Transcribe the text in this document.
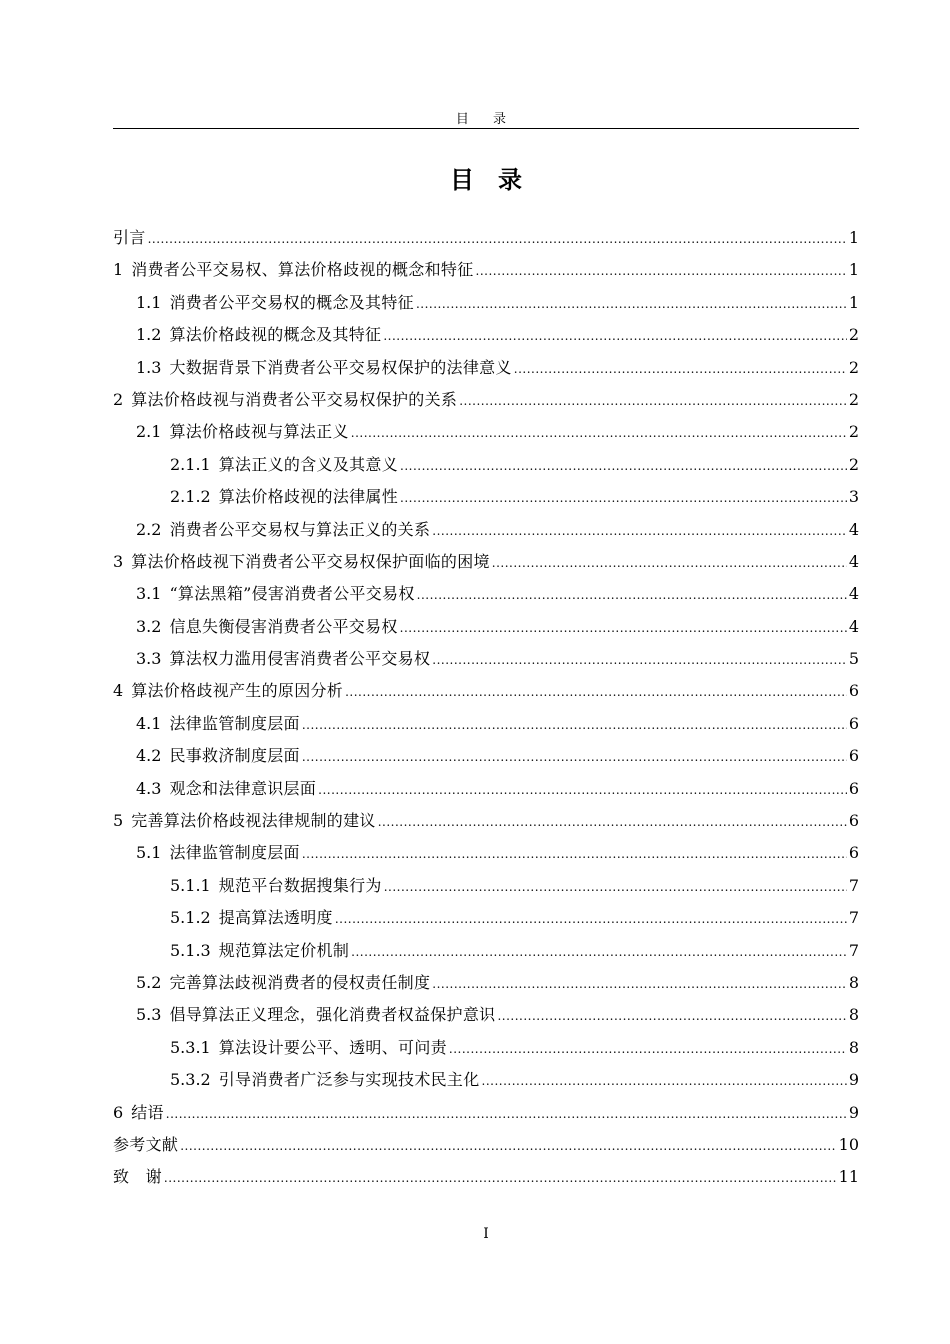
目 录
目录
引言 .....	1
1 消费者公平交易权、算法价格歧视的概念和特征 .....	1
1.1 消费者公平交易权的概念及其特征 .....	1
1.2 算法价格歧视的概念及其特征 .....	2
1.3 大数据背景下消费者公平交易权保护的法律意义 .....	2
2 算法价格歧视与消费者公平交易权保护的关系 .....	2
2.1 算法价格歧视与算法正义 .....	2
2.1.1 算法正义的含义及其意义 .....	2
2.1.2 算法价格歧视的法律属性 .....	3
2.2 消费者公平交易权与算法正义的关系 .....	4
3 算法价格歧视下消费者公平交易权保护面临的困境 .....	4
3.1 “算法黑箱”侵害消费者公平交易权 .....	4
3.2 信息失衡侵害消费者公平交易权 .....	4
3.3 算法权力滥用侵害消费者公平交易权 .....	5
4 算法价格歧视产生的原因分析 .....	6
4.1 法律监管制度层面 .....	6
4.2 民事救济制度层面 .....	6
4.3 观念和法律意识层面 .....	6
5 完善算法价格歧视法律规制的建议 .....	6
5.1 法律监管制度层面 .....	6
5.1.1 规范平台数据搜集行为 .....	7
5.1.2 提高算法透明度 .....	7
5.1.3 规范算法定价机制 .....	7
5.2 完善算法歧视消费者的侵权责任制度 .....	8
5.3 倡导算法正义理念，强化消费者权益保护意识 .....	8
5.3.1 算法设计要公平、透明、可问责 .....	8
5.3.2 引导消费者广泛参与实现技术民主化 .....	9
6 结语 .....	9
参考文献 .....	10
致　谢 .....	11
I
